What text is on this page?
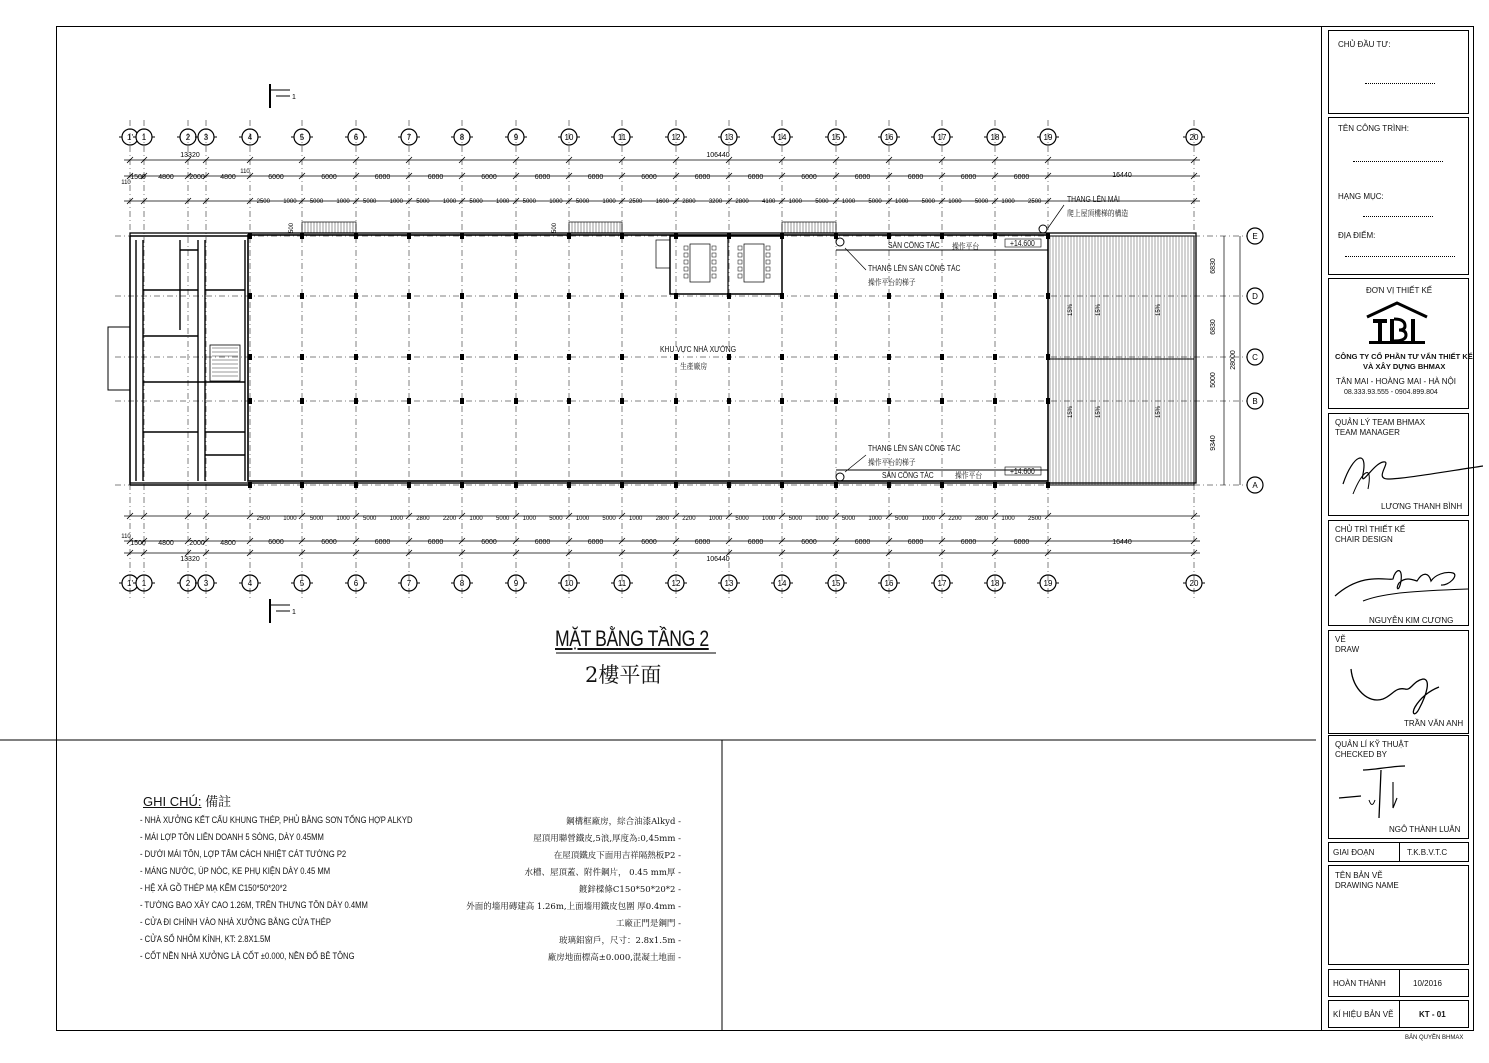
1'
1'
1
1
2
2
3
3
4
4
5
5
6
6
7
7
8
8
9
9
10
10
11
11
12
12
13
13
14
14
15
15
16
16
17
17
18
18
19
19
20
20
13320	106440
16440
13320	106440
16440
110
110
110
1500
1500
4800
4800
2000
2000
4800
4800
6000
6000
6000
6000
6000
6000
6000
6000
6000
6000
6000
6000
6000
6000
6000
6000
6000
6000
6000
6000
6000
6000
6000
6000
6000
6000
6000
6000
6000
6000
2500 1000 5000 1000 5000 1000 5000 1000 5000 1000 5000 1000 5000 1000 2500 1600 2800 3200 2800 4100 1000 5000 1000 5000 1000 5000 1000 5000 1000 2500
2500 1000 5000 1000 5000 1000 2800 2200 1000 5000 1000 5000 1000 5000 1000 2800 2200 1000 5000 1000 5000 1000 5000 1000 5000 1000 2200 2800 1000 2500
500	500
E
D
C
B
A
6830
6830
5000
9340
28000
15%
15%
15%
15%
15%
15%
1
1
KHU VỰC NHÀ XƯỞNG
生產廠房
THANG LÊN MÁI
爬上屋頂樓梯的構造
SÀN CÔNG TÁC 操作平台	+14.600
THANG LÊN SÀN CÔNG TÁC
操作平台的梯子
THANG LÊN SÀN CÔNG TÁC
操作平台的梯子
SÀN CÔNG TÁC	操作平台	+14.600
MẶT BẰNG TẦNG 2
2樓平面
GHI CHÚ: 備註
- NHÀ XƯỞNG KẾT CẤU KHUNG THÉP, PHỦ BẰNG SƠN TỔNG HỢP ALKYD	鋼構框廠房，綜合油漆Alkyd -
- MÁI LỢP TÔN LIÊN DOANH 5 SÓNG, DÀY 0.45MM	屋頂用聯營鐵皮,5浪,厚度為:0,45mm -
- DƯỚI MÁI TÔN, LỢP TẤM CÁCH NHIỆT CÁT TƯỜNG P2	在屋頂鐵皮下面用吉祥隔熱板P2 -
- MÁNG NƯỚC, ÚP NÓC, KE PHỤ KIỆN DÀY 0.45 MM	水槽、屋頂蓋、附件鋼片， 0.45 mm厚 -
- HỆ XÀ GỒ THÉP MẠ KẼM C150*50*20*2	鍍鋅樑條C150*50*20*2 -
- TƯỜNG BAO XÂY CAO 1.26M, TRÊN THƯNG TÔN DÀY 0.4MM	外面的墻用磚建高 1.26m,上面墻用鐵皮包圍 厚0.4mm -
- CỬA ĐI CHÍNH VÀO NHÀ XƯỞNG BẰNG CỬA THÉP	工廠正門是鋼門 -
- CỬA SỔ NHÔM KÍNH, KT: 2.8X1.5M	玻璃鋁窗戶，尺寸：2.8x1.5m -
- CỐT NỀN NHÀ XƯỞNG LÀ CỐT ±0.000, NỀN ĐỔ BÊ TÔNG	廠房地面標高±0.000,混凝土地面 -
CHỦ ĐẦU TƯ:
TÊN CÔNG TRÌNH:
HẠNG MỤC:
ĐỊA ĐIỂM:
ĐƠN VỊ THIẾT KẾ
CÔNG TY CỔ PHẦN TƯ VẤN THIẾT KẾ
VÀ XÂY DỰNG BHMAX
TÂN MAI - HOÀNG MAI - HÀ NỘI
08.333.93.555 - 0904.899.804
QUẢN LÝ TEAM BHMAX
TEAM MANAGER
LƯƠNG THANH BÌNH
CHỦ TRÌ THIẾT KẾ
CHAIR DESIGN
NGUYỄN KIM CƯƠNG
VẼ
DRAW
TRẦN VĂN ANH
QUẢN LÍ KỸ THUẬT
CHECKED BY
NGÔ THÀNH LUÂN
GIAI ĐOẠN	T.K.B.V.T.C
TÊN BẢN VẼ
DRAWING NAME
HOÀN THÀNH	10/2016
KÍ HIỆU BẢN VẼ	KT - 01
BẢN QUYỀN BHMAX
